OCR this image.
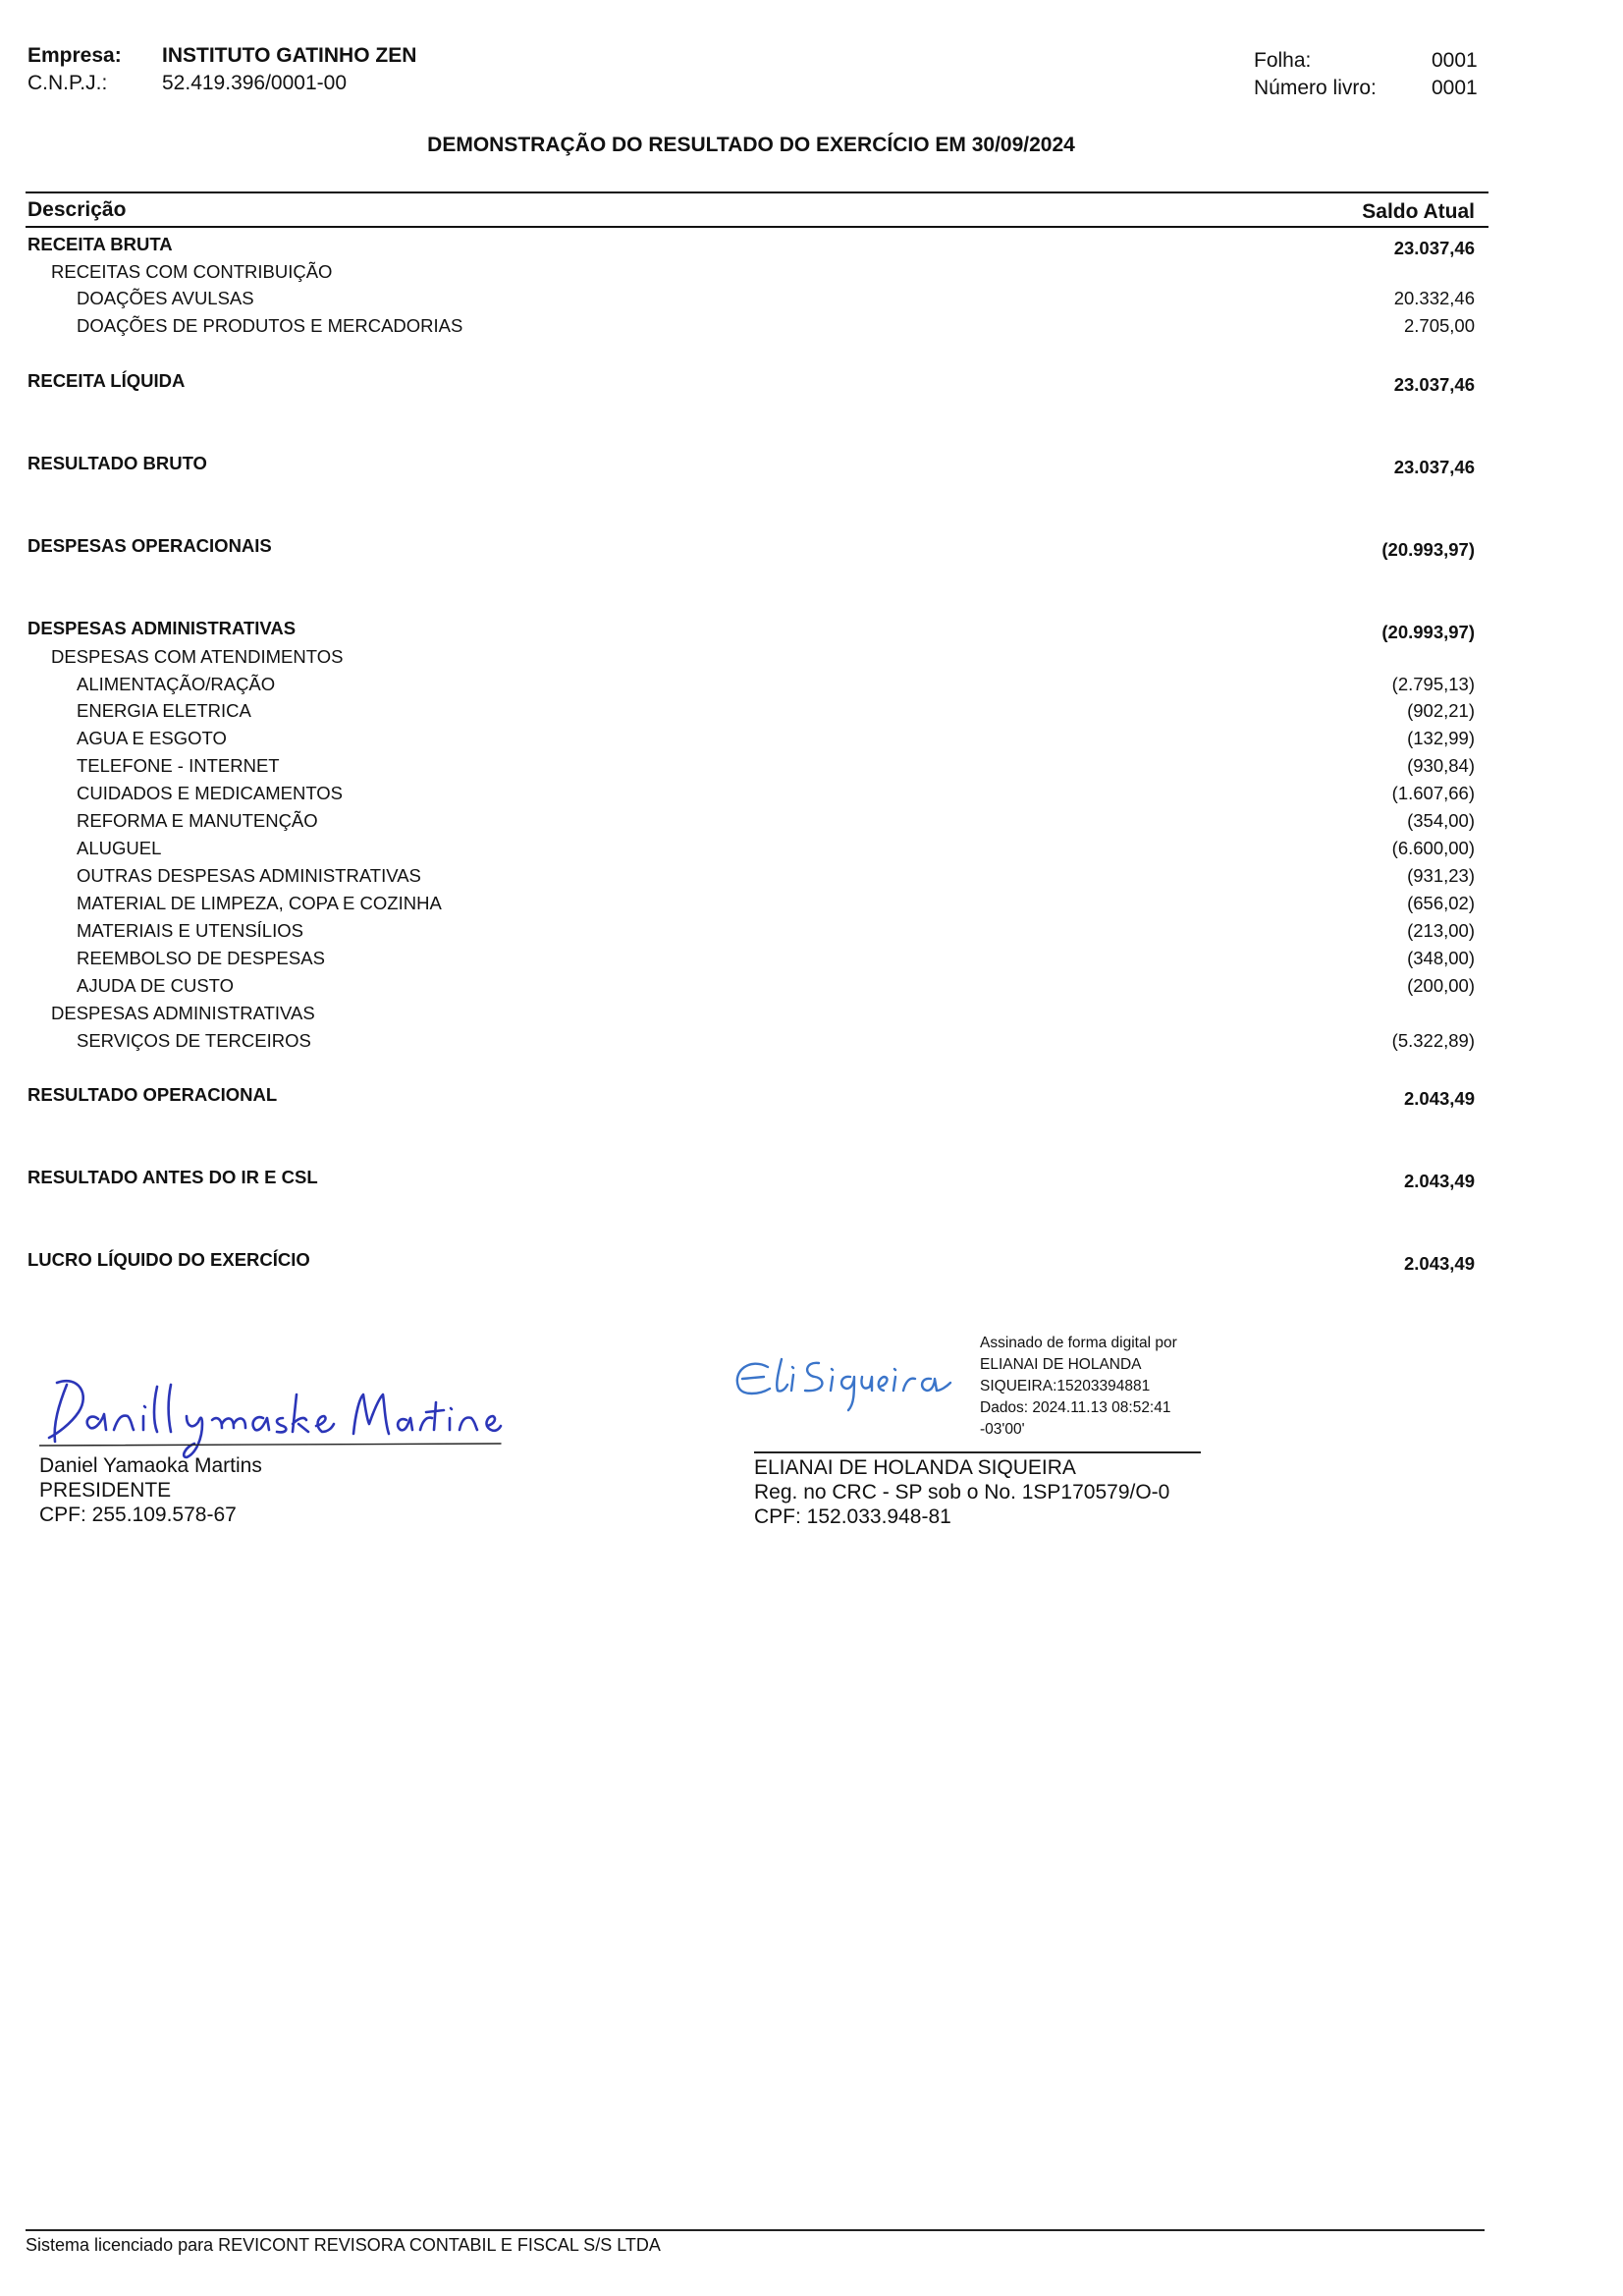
Empresa: INSTITUTO GATINHO ZEN
C.N.P.J.:	52.419.396/0001-00
Folha:	0001
Número livro:	0001
DEMONSTRAÇÃO DO RESULTADO DO EXERCÍCIO EM 30/09/2024
Descrição	Saldo Atual
RECEITA BRUTA	23.037,46
RECEITAS COM CONTRIBUIÇÃO
DOAÇÕES AVULSAS	20.332,46
DOAÇÕES DE PRODUTOS E MERCADORIAS	2.705,00
RECEITA LÍQUIDA	23.037,46
RESULTADO BRUTO	23.037,46
DESPESAS OPERACIONAIS	(20.993,97)
DESPESAS ADMINISTRATIVAS	(20.993,97)
DESPESAS COM ATENDIMENTOS
ALIMENTAÇÃO/RAÇÃO	(2.795,13)
ENERGIA ELETRICA	(902,21)
AGUA E ESGOTO	(132,99)
TELEFONE - INTERNET	(930,84)
CUIDADOS E MEDICAMENTOS	(1.607,66)
REFORMA E MANUTENÇÃO	(354,00)
ALUGUEL	(6.600,00)
OUTRAS DESPESAS ADMINISTRATIVAS	(931,23)
MATERIAL DE LIMPEZA, COPA E COZINHA	(656,02)
MATERIAIS E UTENSÍLIOS	(213,00)
REEMBOLSO DE DESPESAS	(348,00)
AJUDA DE CUSTO	(200,00)
DESPESAS ADMINISTRATIVAS
SERVIÇOS DE TERCEIROS	(5.322,89)
RESULTADO OPERACIONAL	2.043,49
RESULTADO ANTES DO IR E CSL	2.043,49
LUCRO LÍQUIDO DO EXERCÍCIO	2.043,49
Daniel Yamaoka Martins
PRESIDENTE
CPF: 255.109.578-67
Assinado de forma digital por
ELIANAI DE HOLANDA
SIQUEIRA:15203394881
Dados: 2024.11.13 08:52:41
-03'00'
ELIANAI DE HOLANDA SIQUEIRA
Reg. no CRC - SP sob o No. 1SP170579/O-0
CPF: 152.033.948-81
Sistema licenciado para REVICONT REVISORA CONTABIL E FISCAL S/S LTDA
